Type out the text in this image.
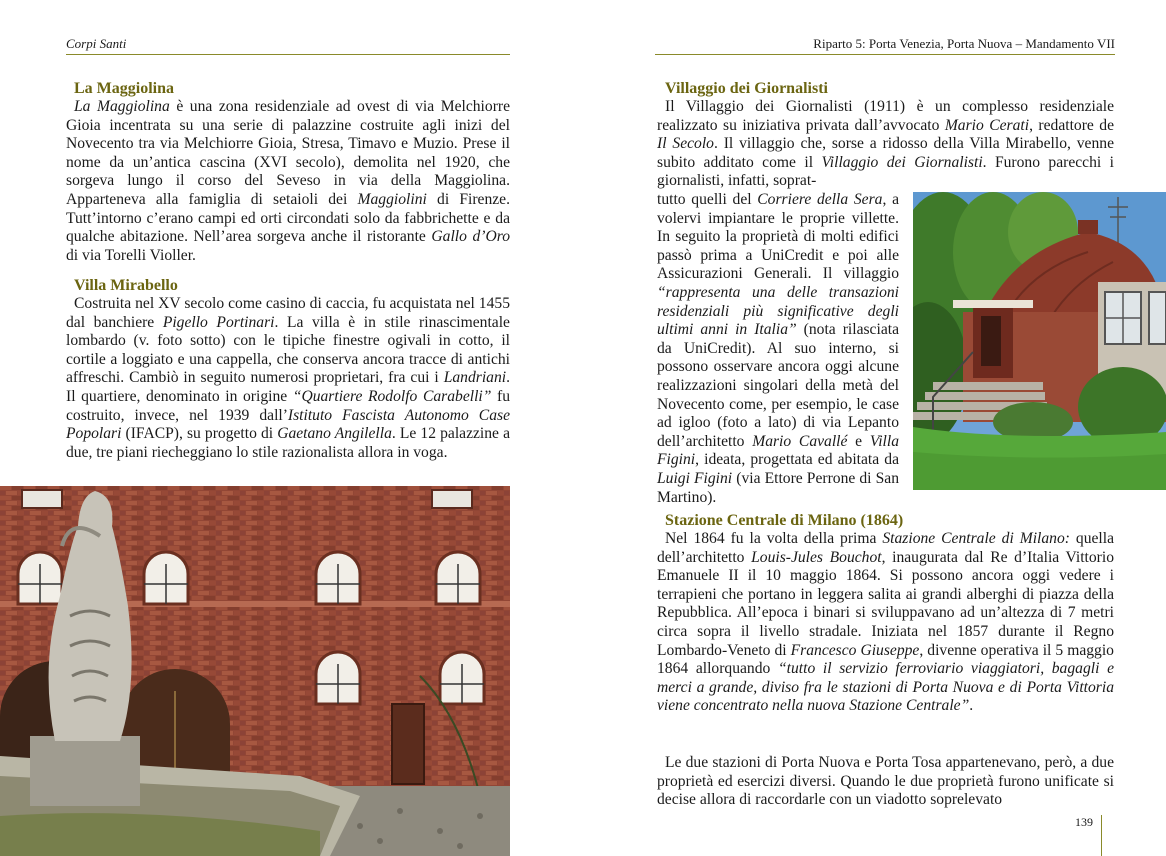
Corpi Santi
La Maggiolina

La Maggiolina è una zona residenziale ad ovest di via Melchiorre Gioia incentrata su una serie di palazzine costruite agli inizi del Novecento tra via Melchiorre Gioia, Stresa, Timavo e Muzio. Prese il nome da un’antica cascina (XVI secolo), demolita nel 1920, che sorgeva lungo il corso del Seveso in via della Maggiolina. Apparteneva alla famiglia di setaioli dei Maggiolini di Firenze. Tutt’intorno c’erano campi ed orti circondati solo da fabbrichette e da qualche abitazione. Nell’area sorgeva anche il ristorante Gallo d’Oro di via Torelli Violler.

Villa Mirabello

Costruita nel XV secolo come casino di caccia, fu acquistata nel 1455 dal banchiere Pigello Portinari. La villa è in stile rinascimentale lombardo (v. foto sotto) con le tipiche finestre ogivali in cotto, il cortile a loggiato e una cappella, che conserva ancora tracce di antichi affreschi. Cambiò in seguito numerosi proprietari, fra cui i Landriani. Il quartiere, denominato in origine “Quartiere Rodolfo Carabelli” fu costruito, invece, nel 1939 dall’Istituto Fascista Autonomo Case Popolari (IFACP), su progetto di Gaetano Angilella. Le 12 palazzine a due, tre piani riecheggiano lo stile razionalista allora in voga.

Riparto 5: Porta Venezia, Porta Nuova – Mandamento VII
Villaggio dei Giornalisti

Il Villaggio dei Giornalisti (1911) è un complesso residenziale realizzato su iniziativa privata dall’avvocato Mario Cerati, redattore de Il Secolo. Il villaggio che, sorse a ridosso della Villa Mirabello, venne subito additato come il Villaggio dei Giornalisti. Furono parecchi i giornalisti, infatti, soprat-

tutto quelli del Corriere della Sera, a volervi impiantare le proprie villette. In seguito la proprietà di molti edifici passò prima a UniCredit e poi alle Assicurazioni Generali. Il villaggio “rappresenta una delle transazioni residenziali più significative degli ultimi anni in Italia” (nota rilasciata da UniCredit). Al suo interno, si possono osservare ancora oggi alcune realizzazioni singolari della metà del Novecento come, per esempio, le case ad igloo (foto a lato) di via Lepanto dell’architetto Mario Cavallé e Villa Figini, ideata, progettata ed abitata da Luigi Figini (via Ettore Perrone di San Martino).

Stazione Centrale di Milano (1864)

Nel 1864 fu la volta della prima Stazione Centrale di Milano: quella dell’architetto Louis-Jules Bouchot, inaugurata dal Re d’Italia Vittorio Emanuele II il 10 maggio 1864. Si possono ancora oggi vedere i terrapieni che portano in leggera salita ai grandi alberghi di piazza della Repubblica. All’epoca i binari si sviluppavano ad un’altezza di 7 metri circa sopra il livello stradale. Iniziata nel 1857 durante il Regno Lombardo-Veneto di Francesco Giuseppe, divenne operativa il 5 maggio 1864 allorquando “tutto il servizio ferroviario viaggiatori, bagagli e merci a grande, diviso fra le stazioni di Porta Nuova e di Porta Vittoria viene concentrato nella nuova Stazione Centrale”.

Le due stazioni di Porta Nuova e Porta Tosa appartenevano, però, a due proprietà ed esercizi diversi. Quando le due proprietà furono unificate si decise allora di raccordarle con un viadotto soprelevato

139
